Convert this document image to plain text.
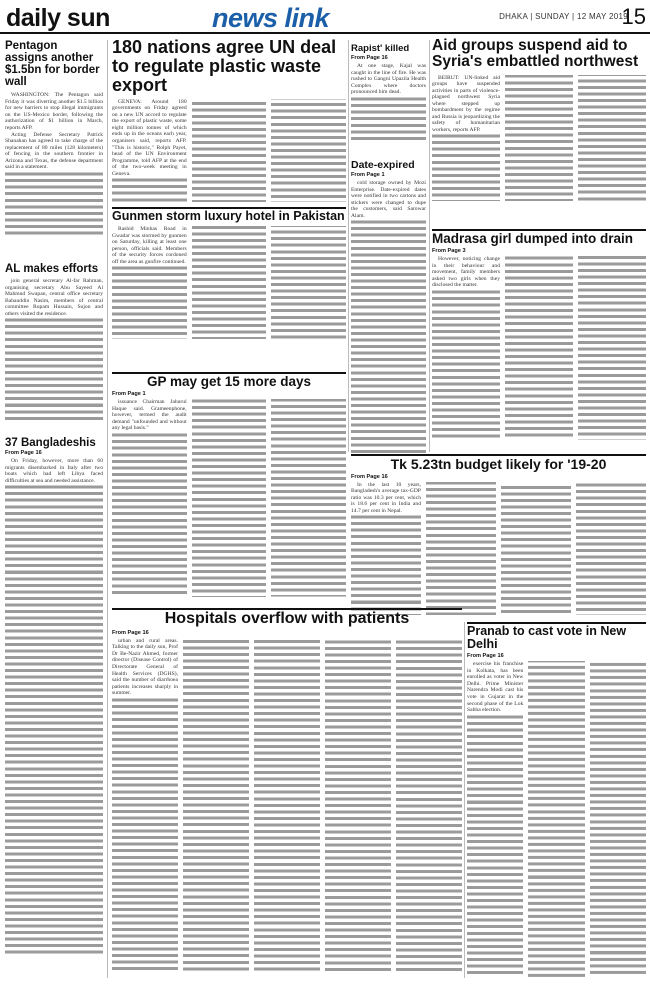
daily sun	news link	DHAKA | SUNDAY | 12 MAY 2019
15
Pentagon assigns another $1.5bn for border wall

WASHINGTON: The Pentagon said Friday it was diverting another $1.5 billion for new barriers to stop illegal immigrants on the US-Mexico border, following the authorization of $1 billion in March, reports AFP.

Acting Defense Secretary Patrick Shanahan has agreed to take charge of the replacement of 80 miles (128 kilometers) of fencing in the southern frontier in Arizona and Texas, the defense department said in a statement.

AL makes efforts

join general secretary Al-far Rahman, organising secretary Abu Sayeed Al Mahmud Swapan, central office secretary Bahauddin Nasim, members of central committee Rupam Hussain, Sujon and others visited the residence.

37 Bangladeshis
From Page 16

On Friday, however, more than 60 migrants disembarked in Italy after two boats which had left Libya faced difficulties at sea and needed assistance.

180 nations agree UN deal to regulate plastic waste export

GENEVA: Around 180 governments on Friday agreed on a new UN accord to regulate the export of plastic waste, some eight million tonnes of which ends up in the oceans each year, organisers said, reports AFP. "This is historic," Rolph Payet, head of the UN Environment Programme, told AFP at the end of the two-week meeting in Geneva.

Rapist' killed
From Page 16

At one stage, Kajal was caught in the line of fire. He was rushed to Gangni Upazila Health Complex where doctors pronounced him dead.

Aid groups suspend aid to Syria's embattled northwest

BEIRUT: UN-linked aid groups have suspended activities in parts of violence-plagued northwest Syria where stepped up bombardment by the regime and Russia is jeopardizing the safety of humanitarian workers, reports AFP.

Gunmen storm luxury hotel in Pakistan

Rashid Minhas Road in Gwadar was stormed by gunmen on Saturday, killing at least one person, officials said. Members of the security forces cordoned off the area as gunfire continued.

Date-expired
From Page 1

cold storage owned by Mozi Enterprise. Date-expired dates were notified in two cartons and stickers were changed to dupe the customers, said Sarowar Alam.

Madrasa girl dumped into drain
From Page 3

However, noticing change in their behaviour and movement, family members asked two girls when they disclosed the matter.

GP may get 15 more days
From Page 1

issuance Chairman Jahurul Haque said. Grameenphone, however, termed the audit demand "unfounded and without any legal basis."

Tk 5.23tn budget likely for '19-20
From Page 16

In the last 10 years, Bangladesh's average tax-GDP ratio was 10.3 per cent, which is 18.6 per cent in India and 14.7 per cent in Nepal.

Hospitals overflow with patients
From Page 16

urban and rural areas. Talking to the daily sun, Prof Dr Be-Nazir Ahmed, former director (Disease Control) of Directorate General of Health Services (DGHS), said the number of diarrhoea patients increases sharply in summer.

Pranab to cast vote in New Delhi
From Page 16

exercise his franchise in Kolkata, has been enrolled as voter in New Delhi. Prime Minister Narendra Modi cast his vote in Gujarat in the second phase of the Lok Sabha election.
